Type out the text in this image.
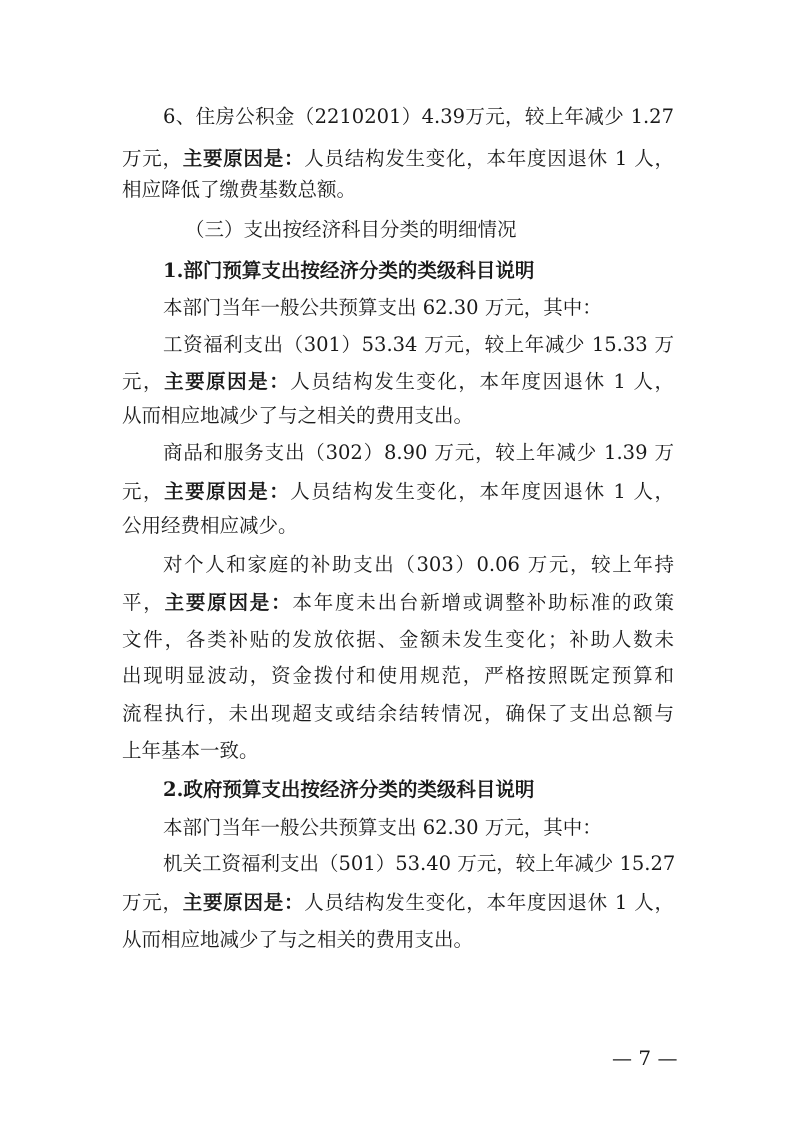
6、住房公积金（2210201）4.39万元，较上年减少 1.27
万元，主要原因是：人员结构发生变化，本年度因退休 1 人，
相应降低了缴费基数总额。
（三）支出按经济科目分类的明细情况
1.部门预算支出按经济分类的类级科目说明
本部门当年一般公共预算支出 62.30 万元，其中：
工资福利支出（301）53.34 万元，较上年减少 15.33 万
元，主要原因是：人员结构发生变化，本年度因退休 1 人，
从而相应地减少了与之相关的费用支出。
商品和服务支出（302）8.90 万元，较上年减少 1.39 万
元，主要原因是：人员结构发生变化，本年度因退休 1 人，
公用经费相应减少。
对个人和家庭的补助支出（303）0.06 万元，较上年持
平，主要原因是：本年度未出台新增或调整补助标准的政策
文件，各类补贴的发放依据、金额未发生变化；补助人数未
出现明显波动，资金拨付和使用规范，严格按照既定预算和
流程执行，未出现超支或结余结转情况，确保了支出总额与
上年基本一致。
2.政府预算支出按经济分类的类级科目说明
本部门当年一般公共预算支出 62.30 万元，其中：
机关工资福利支出（501）53.40 万元，较上年减少 15.27
万元，主要原因是：人员结构发生变化，本年度因退休 1 人，
从而相应地减少了与之相关的费用支出。
— 7 —
